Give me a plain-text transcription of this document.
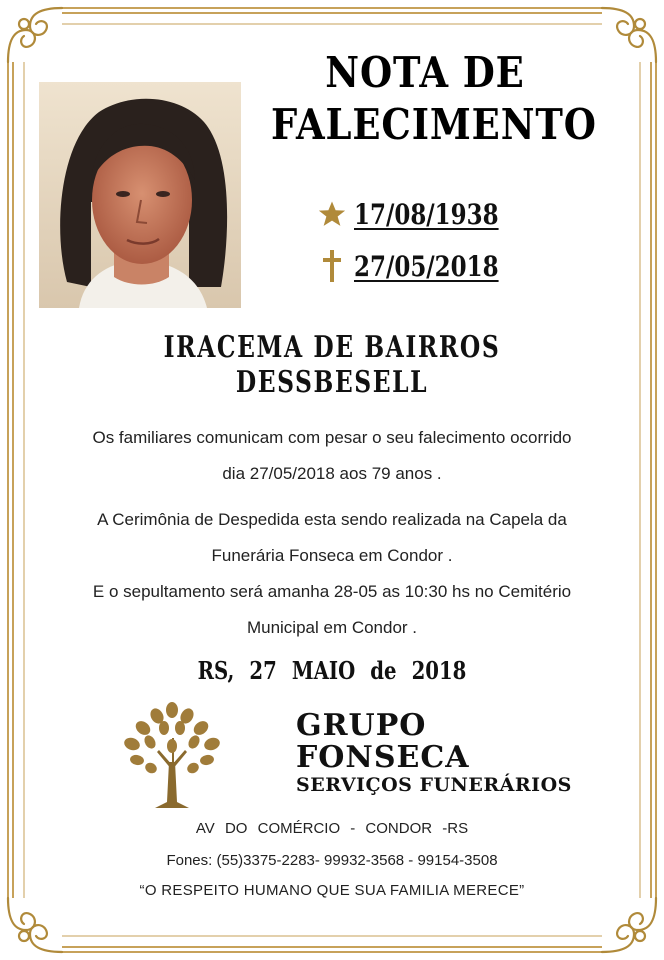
NOTA DE
FALECIMENTO
17/08/1938
27/05/2018
IRACEMA DE BAIRROS DESSBESELL
Os familiares comunicam com pesar o seu falecimento ocorrido
dia 27/05/2018 aos 79 anos .
A Cerimônia de Despedida esta sendo realizada na Capela da
Funerária Fonseca em Condor .
E o sepultamento será amanha 28-05 as 10:30 hs no Cemitério
Municipal em Condor .
RS, 27 MAIO de 2018
GRUPO
FONSECA
SERVIÇOS FUNERÁRIOS
AV DO COMÉRCIO - CONDOR -RS
Fones: (55)3375-2283- 99932-3568 - 99154-3508
“O RESPEITO HUMANO QUE SUA FAMILIA MERECE”
